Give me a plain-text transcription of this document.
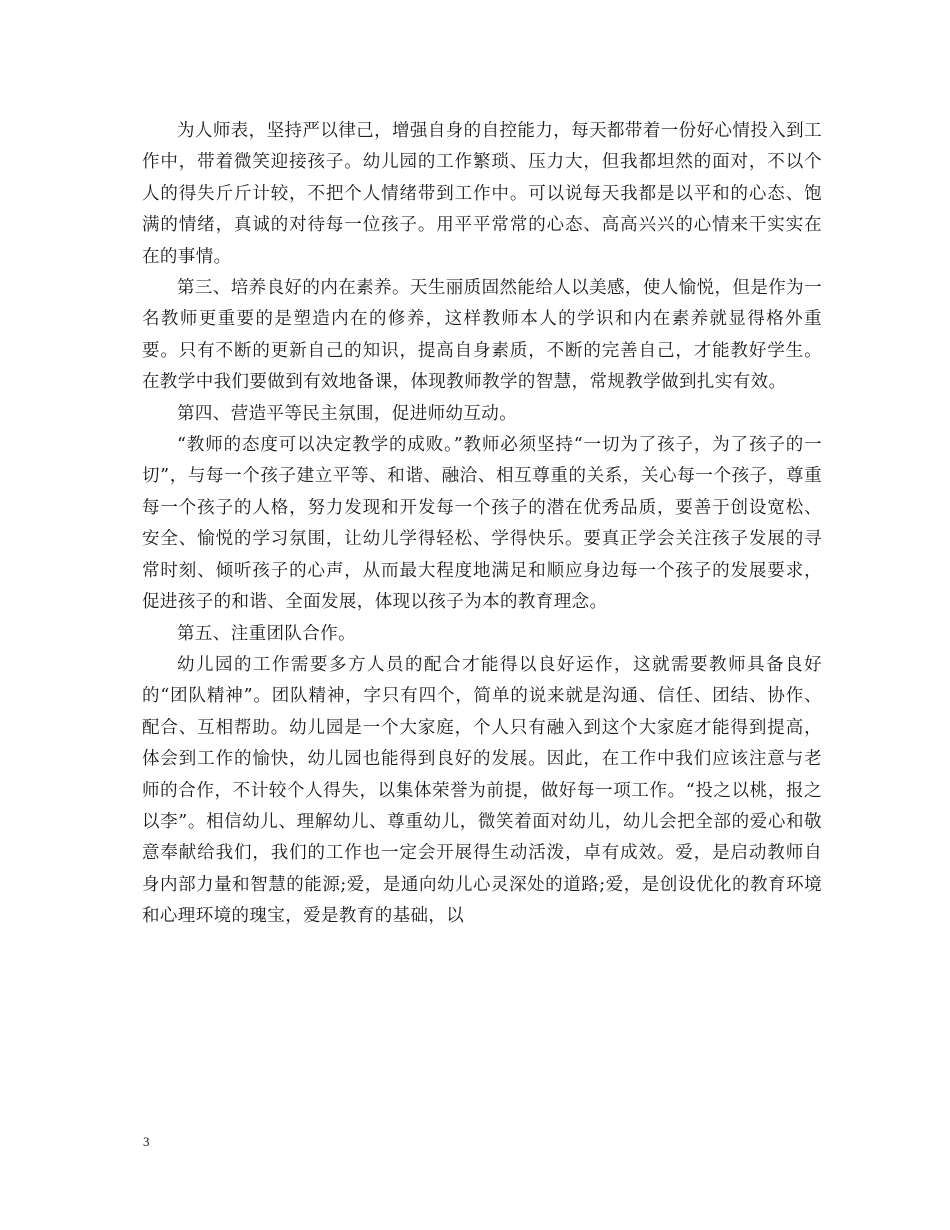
为人师表，坚持严以律己，增强自身的自控能力，每天都带着一份好心情投入到工作中，带着微笑迎接孩子。幼儿园的工作繁琐、压力大，但我都坦然的面对，不以个人的得失斤斤计较，不把个人情绪带到工作中。可以说每天我都是以平和的心态、饱满的情绪，真诚的对待每一位孩子。用平平常常的心态、高高兴兴的心情来干实实在在的事情。

第三、培养良好的内在素养。天生丽质固然能给人以美感，使人愉悦，但是作为一名教师更重要的是塑造内在的修养，这样教师本人的学识和内在素养就显得格外重要。只有不断的更新自己的知识，提高自身素质，不断的完善自己，才能教好学生。在教学中我们要做到有效地备课，体现教师教学的智慧，常规教学做到扎实有效。

第四、营造平等民主氛围，促进师幼互动。

“教师的态度可以决定教学的成败。”教师必须坚持“一切为了孩子，为了孩子的一切”，与每一个孩子建立平等、和谐、融洽、相互尊重的关系，关心每一个孩子，尊重每一个孩子的人格，努力发现和开发每一个孩子的潜在优秀品质，要善于创设宽松、安全、愉悦的学习氛围，让幼儿学得轻松、学得快乐。要真正学会关注孩子发展的寻常时刻、倾听孩子的心声，从而最大程度地满足和顺应身边每一个孩子的发展要求，促进孩子的和谐、全面发展，体现以孩子为本的教育理念。

第五、注重团队合作。

幼儿园的工作需要多方人员的配合才能得以良好运作，这就需要教师具备良好的“团队精神”。团队精神，字只有四个，简单的说来就是沟通、信任、团结、协作、配合、互相帮助。幼儿园是一个大家庭，个人只有融入到这个大家庭才能得到提高，体会到工作的愉快，幼儿园也能得到良好的发展。因此，在工作中我们应该注意与老师的合作，不计较个人得失，以集体荣誉为前提，做好每一项工作。“投之以桃，报之以李”。相信幼儿、理解幼儿、尊重幼儿，微笑着面对幼儿，幼儿会把全部的爱心和敬意奉献给我们，我们的工作也一定会开展得生动活泼，卓有成效。爱，是启动教师自身内部力量和智慧的能源;爱，是通向幼儿心灵深处的道路;爱，是创设优化的教育环境和心理环境的瑰宝，爱是教育的基础，以

3
